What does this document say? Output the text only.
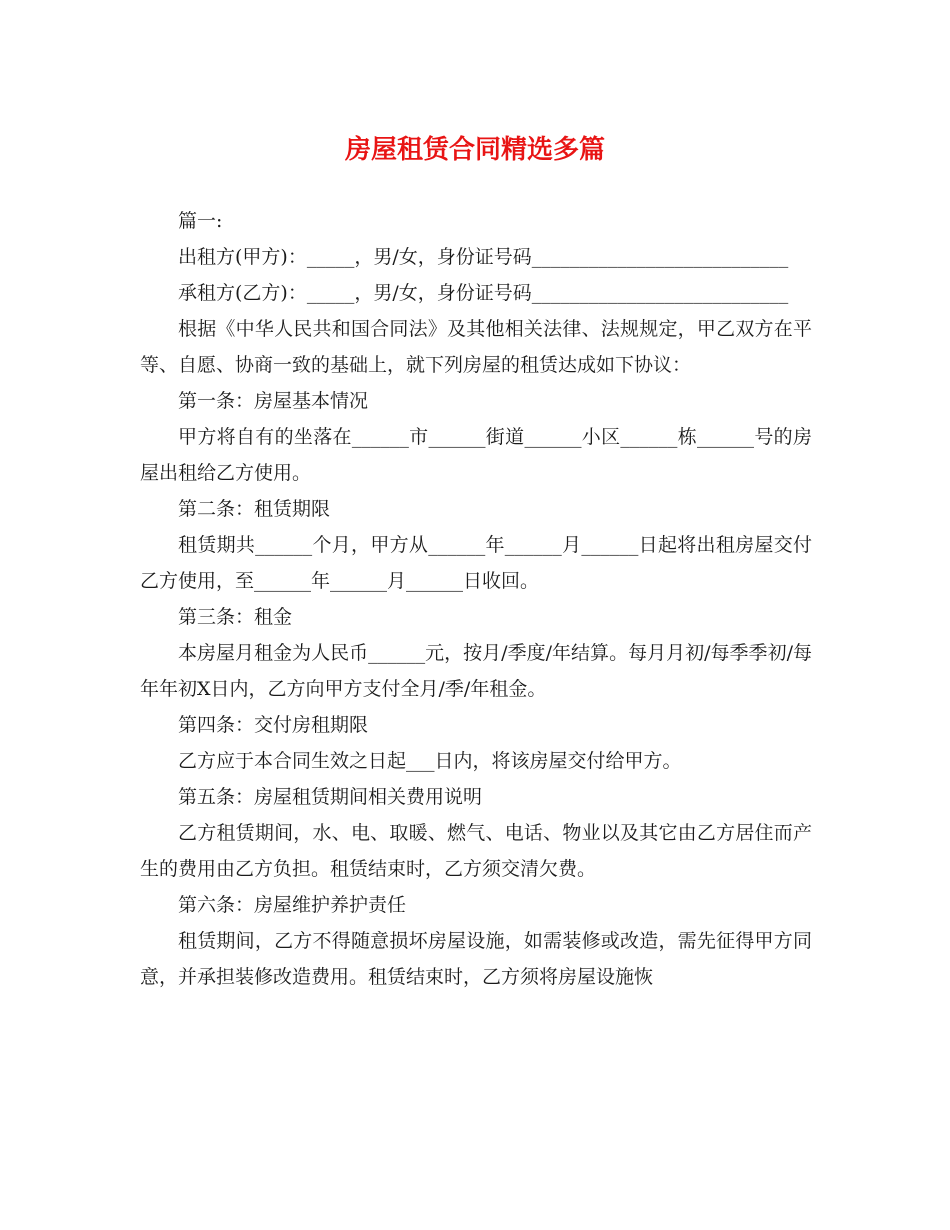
房屋租赁合同精选多篇

篇一:

出租方(甲方)：_____，男/女，身份证号码___________________________

承租方(乙方)：_____，男/女，身份证号码___________________________

根据《中华人民共和国合同法》及其他相关法律、法规规定，甲乙双方在平等、自愿、协商一致的基础上，就下列房屋的租赁达成如下协议：

第一条：房屋基本情况

甲方将自有的坐落在______市______街道______小区______栋______号的房屋出租给乙方使用。

第二条：租赁期限

租赁期共______个月，甲方从______年______月______日起将出租房屋交付乙方使用，至______年______月______日收回。

第三条：租金

本房屋月租金为人民币______元，按月/季度/年结算。每月月初/每季季初/每年年初X日内，乙方向甲方支付全月/季/年租金。

第四条：交付房租期限

乙方应于本合同生效之日起___日内，将该房屋交付给甲方。

第五条：房屋租赁期间相关费用说明

乙方租赁期间，水、电、取暖、燃气、电话、物业以及其它由乙方居住而产生的费用由乙方负担。租赁结束时，乙方须交清欠费。

第六条：房屋维护养护责任

租赁期间，乙方不得随意损坏房屋设施，如需装修或改造，需先征得甲方同意，并承担装修改造费用。租赁结束时，乙方须将房屋设施恢
